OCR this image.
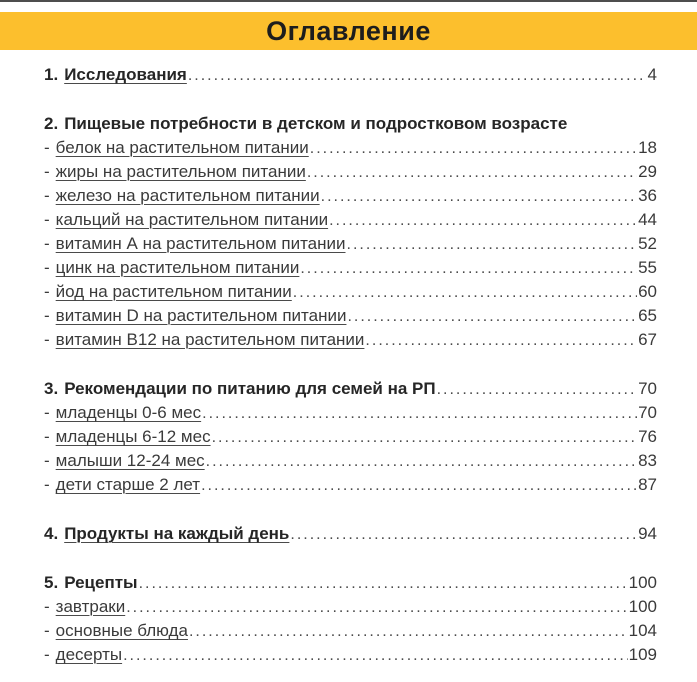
Оглавление
1. Исследования .....	4
2. Пищевые потребности в детском и подростковом возрасте
- белок на растительном питании .....	18
- жиры на растительном питании .....	29
- железо на растительном питании .....	36
- кальций на растительном питании .....	44
- витамин А на растительном питании .....	52
- цинк на растительном питании .....	55
- йод на растительном питании .....	60
- витамин D на растительном питании .....	65
- витамин B12 на растительном питании .....	67
3. Рекомендации по питанию для семей на РП .....	70
- младенцы 0-6 мес .....	70
- младенцы 6-12 мес .....	76
- малыши 12-24 мес .....	83
- дети старше 2 лет .....	87
4. Продукты на каждый день .....	94
5. Рецепты .....	100
- завтраки .....	100
- основные блюда .....	104
- десерты .....	109
